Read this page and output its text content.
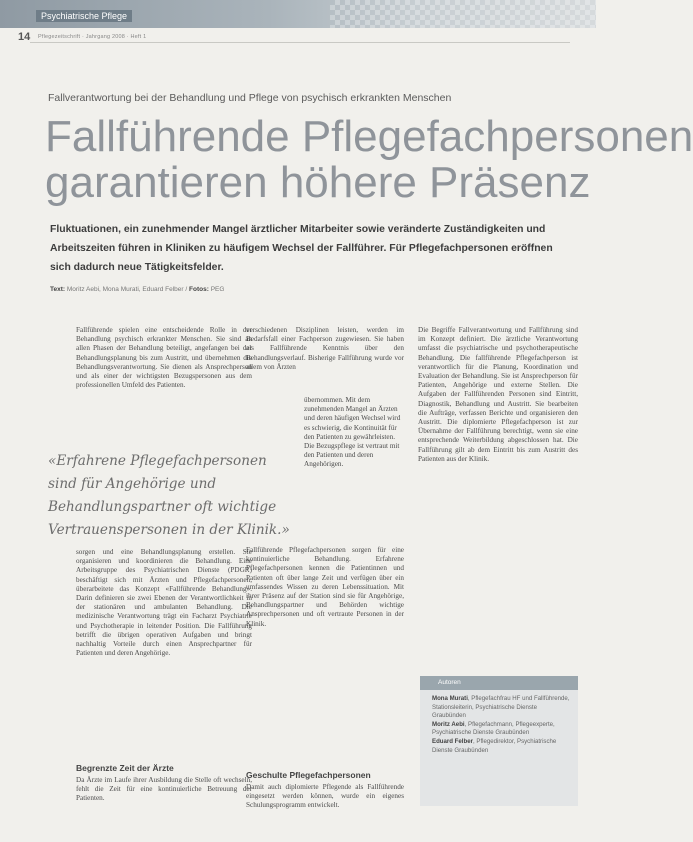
Psychiatrische Pflege
14 Pflegezeitschrift · Jahrgang 2008 · Heft 1
Fallverantwortung bei der Behandlung und Pflege von psychisch erkrankten Menschen
Fallführende Pflegefachpersonen
garantieren höhere Präsenz
Fluktuationen, ein zunehmender Mangel ärztlicher Mitarbeiter sowie veränderte Zuständigkeiten und Arbeitszeiten führen in Kliniken zu häufigem Wechsel der Fallführer. Für Pflegefachpersonen eröffnen sich dadurch neue Tätigkeitsfelder.
Text: Moritz Aebi, Mona Murati, Eduard Felber / Fotos: PEG
Fallführende spielen eine entscheidende Rolle in der Behandlung psychisch erkrankter Menschen. Sie sind an allen Phasen der Behandlung beteiligt, angefangen bei der Behandlungsplanung bis zum Austritt, und übernehmen die Behandlungsverantwortung. Sie dienen als Ansprechperson und als einer der wichtigsten Bezugspersonen aus dem professionellen Umfeld des Patienten.
«Erfahrene Pflegefachpersonen sind für Angehörige und Behandlungspartner oft wichtige Vertrauenspersonen in der Klinik.»
sorgen und eine Behandlungsplanung erstellen. Sie organisieren und koordinieren die Behandlung. Eine Arbeitsgruppe des Psychiatrischen Dienste (PDGR) beschäftigt sich mit Ärzten und Pflegefachpersonen, überarbeitete das Konzept «Fallführende Behandlung». Darin definieren sie zwei Ebenen der Verantwortlichkeit in der stationären und ambulanten Behandlung. Die medizinische Verantwortung trägt ein Facharzt Psychiatrie und Psychotherapie in leitender Position. Die Fallführung betrifft die übrigen operativen Aufgaben und bringt nachhaltig Vorteile durch einen Ansprechpartner für Patienten und deren Angehörige.
Begrenzte Zeit der Ärzte
Da Ärzte im Laufe ihrer Ausbildung die Stelle oft wechseln, fehlt die Zeit für eine kontinuierliche Betreuung der Patienten.
verschiedenen Disziplinen leisten, werden im Bedarfsfall einer Fachperson zugewiesen. Sie haben als Fallführende Kenntnis über den Behandlungsverlauf. Bisherige Fallführung wurde vor allem von Ärzten
übernommen. Mit dem zunehmenden Mangel an Ärzten und deren häufigen Wechsel wird es schwierig, die Kontinuität für den Patienten zu gewährleisten. Die Bezugspflege ist vertraut mit den Patienten und deren Angehörigen.
Fallführende Pflegefachpersonen sorgen für eine kontinuierliche Behandlung. Erfahrene Pflegefachpersonen kennen die Patientinnen und Patienten oft über lange Zeit und verfügen über ein umfassendes Wissen zu deren Lebenssituation. Mit ihrer Präsenz auf der Station sind sie für Angehörige, Behandlungspartner und Behörden wichtige Ansprechpersonen und oft vertraute Personen in der Klinik.
Geschulte Pflegefachpersonen
Damit auch diplomierte Pflegende als Fallführende eingesetzt werden können, wurde ein eigenes Schulungsprogramm entwickelt.
Die Begriffe Fallverantwortung und Fallführung sind im Konzept definiert. Die ärztliche Verantwortung umfasst die psychiatrische und psychotherapeutische Behandlung. Die fallführende Pflegefachperson ist verantwortlich für die Planung, Koordination und Evaluation der Behandlung. Sie ist Ansprechperson für Patienten, Angehörige und externe Stellen. Die Aufgaben der Fallführenden Personen sind Eintritt, Diagnostik, Behandlung und Austritt. Sie bearbeiten die Aufträge, verfassen Berichte und organisieren den Austritt. Die diplomierte Pflegefachperson ist zur Übernahme der Fallführung berechtigt, wenn sie eine entsprechende Weiterbildung abgeschlossen hat. Die Fallführung gilt ab dem Eintritt bis zum Austritt des Patienten aus der Klinik.
Autoren
Mona Murati, Pflegefachfrau HF und Fallführende, Stationsleiterin, Psychiatrische Dienste Graubünden
Moritz Aebi, Pflegefachmann, Pflegeexperte, Psychiatrische Dienste Graubünden
Eduard Felber, Pflegedirektor, Psychiatrische Dienste Graubünden
